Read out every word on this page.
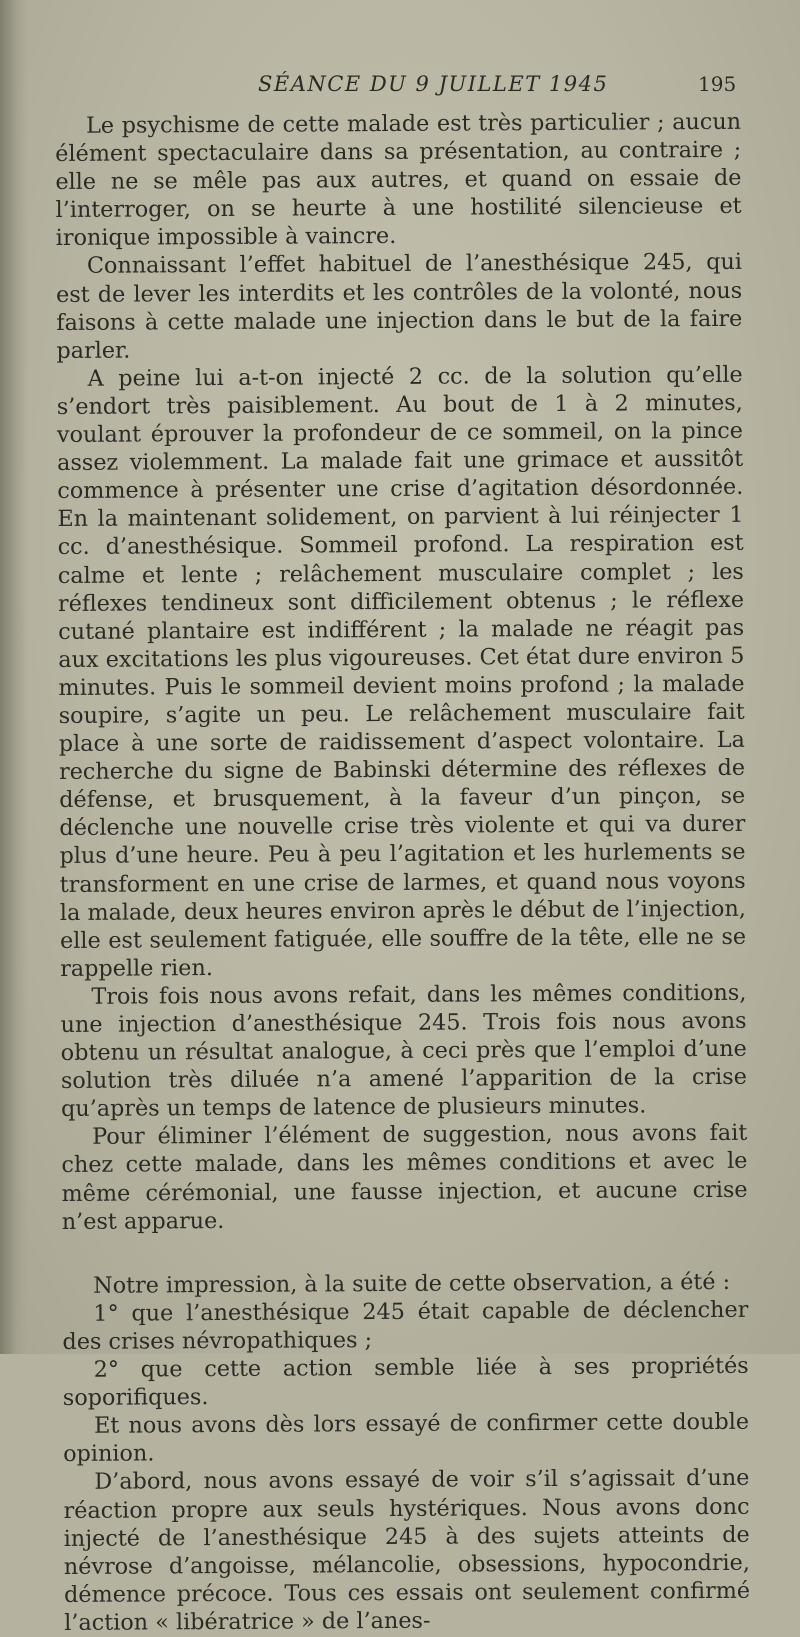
SÉANCE DU 9 JUILLET 1945	195

Le psychisme de cette malade est très particulier ; aucun élément spectaculaire dans sa présentation, au contraire ; elle ne se mêle pas aux autres, et quand on essaie de l’interroger, on se heurte à une hostilité silencieuse et ironique impossible à vaincre.

Connaissant l’effet habituel de l’anesthésique 245, qui est de lever les interdits et les contrôles de la volonté, nous faisons à cette malade une injection dans le but de la faire parler.

A peine lui a-t-on injecté 2 cc. de la solution qu’elle s’endort très paisiblement. Au bout de 1 à 2 minutes, voulant éprouver la profondeur de ce sommeil, on la pince assez violemment. La malade fait une grimace et aussitôt commence à présenter une crise d’agitation désordonnée. En la maintenant solidement, on parvient à lui réinjecter 1 cc. d’anesthésique. Sommeil profond. La respiration est calme et lente ; relâchement musculaire complet ; les réflexes tendineux sont difficilement obtenus ; le réflexe cutané plantaire est indifférent ; la malade ne réagit pas aux excitations les plus vigoureuses. Cet état dure environ 5 minutes. Puis le sommeil devient moins profond ; la malade soupire, s’agite un peu. Le relâchement musculaire fait place à une sorte de raidissement d’aspect volontaire. La recherche du signe de Babinski détermine des réflexes de défense, et brusquement, à la faveur d’un pinçon, se déclenche une nouvelle crise très violente et qui va durer plus d’une heure. Peu à peu l’agitation et les hurlements se transforment en une crise de larmes, et quand nous voyons la malade, deux heures environ après le début de l’injection, elle est seulement fatiguée, elle souffre de la tête, elle ne se rappelle rien.

Trois fois nous avons refait, dans les mêmes conditions, une injection d’anesthésique 245. Trois fois nous avons obtenu un résultat analogue, à ceci près que l’emploi d’une solution très diluée n’a amené l’apparition de la crise qu’après un temps de latence de plusieurs minutes.

Pour éliminer l’élément de suggestion, nous avons fait chez cette malade, dans les mêmes conditions et avec le même cérémonial, une fausse injection, et aucune crise n’est apparue.

Notre impression, à la suite de cette observation, a été :

1° que l’anesthésique 245 était capable de déclencher des crises névropathiques ;

2° que cette action semble liée à ses propriétés soporifiques.

Et nous avons dès lors essayé de confirmer cette double opinion.

D’abord, nous avons essayé de voir s’il s’agissait d’une réaction propre aux seuls hystériques. Nous avons donc injecté de l’anesthésique 245 à des sujets atteints de névrose d’angoisse, mélancolie, obsessions, hypocondrie, démence précoce. Tous ces essais ont seulement confirmé l’action « libératrice » de l’anes-
